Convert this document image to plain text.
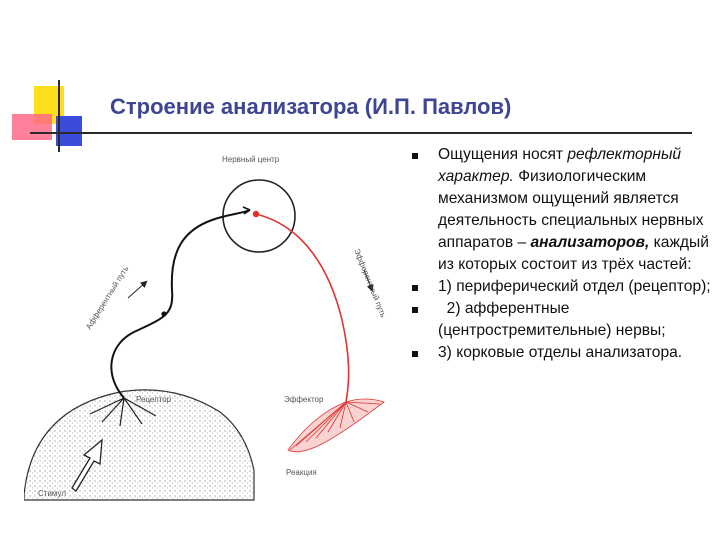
Строение анализатора (И.П. Павлов)
Нервный центр
Афферентный путь
Рецептор
Эфферентный путь
Эффектор
Реакция
Стимул
Ощущения носят рефлекторный характер. Физиологическим механизмом ощущений является деятельность специальных нервных аппаратов – анализаторов, каждый из которых состоит из трёх частей:
1) периферический отдел (рецептор);
2) афферентные (центростремительные) нервы;
3) корковые отделы анализатора.
